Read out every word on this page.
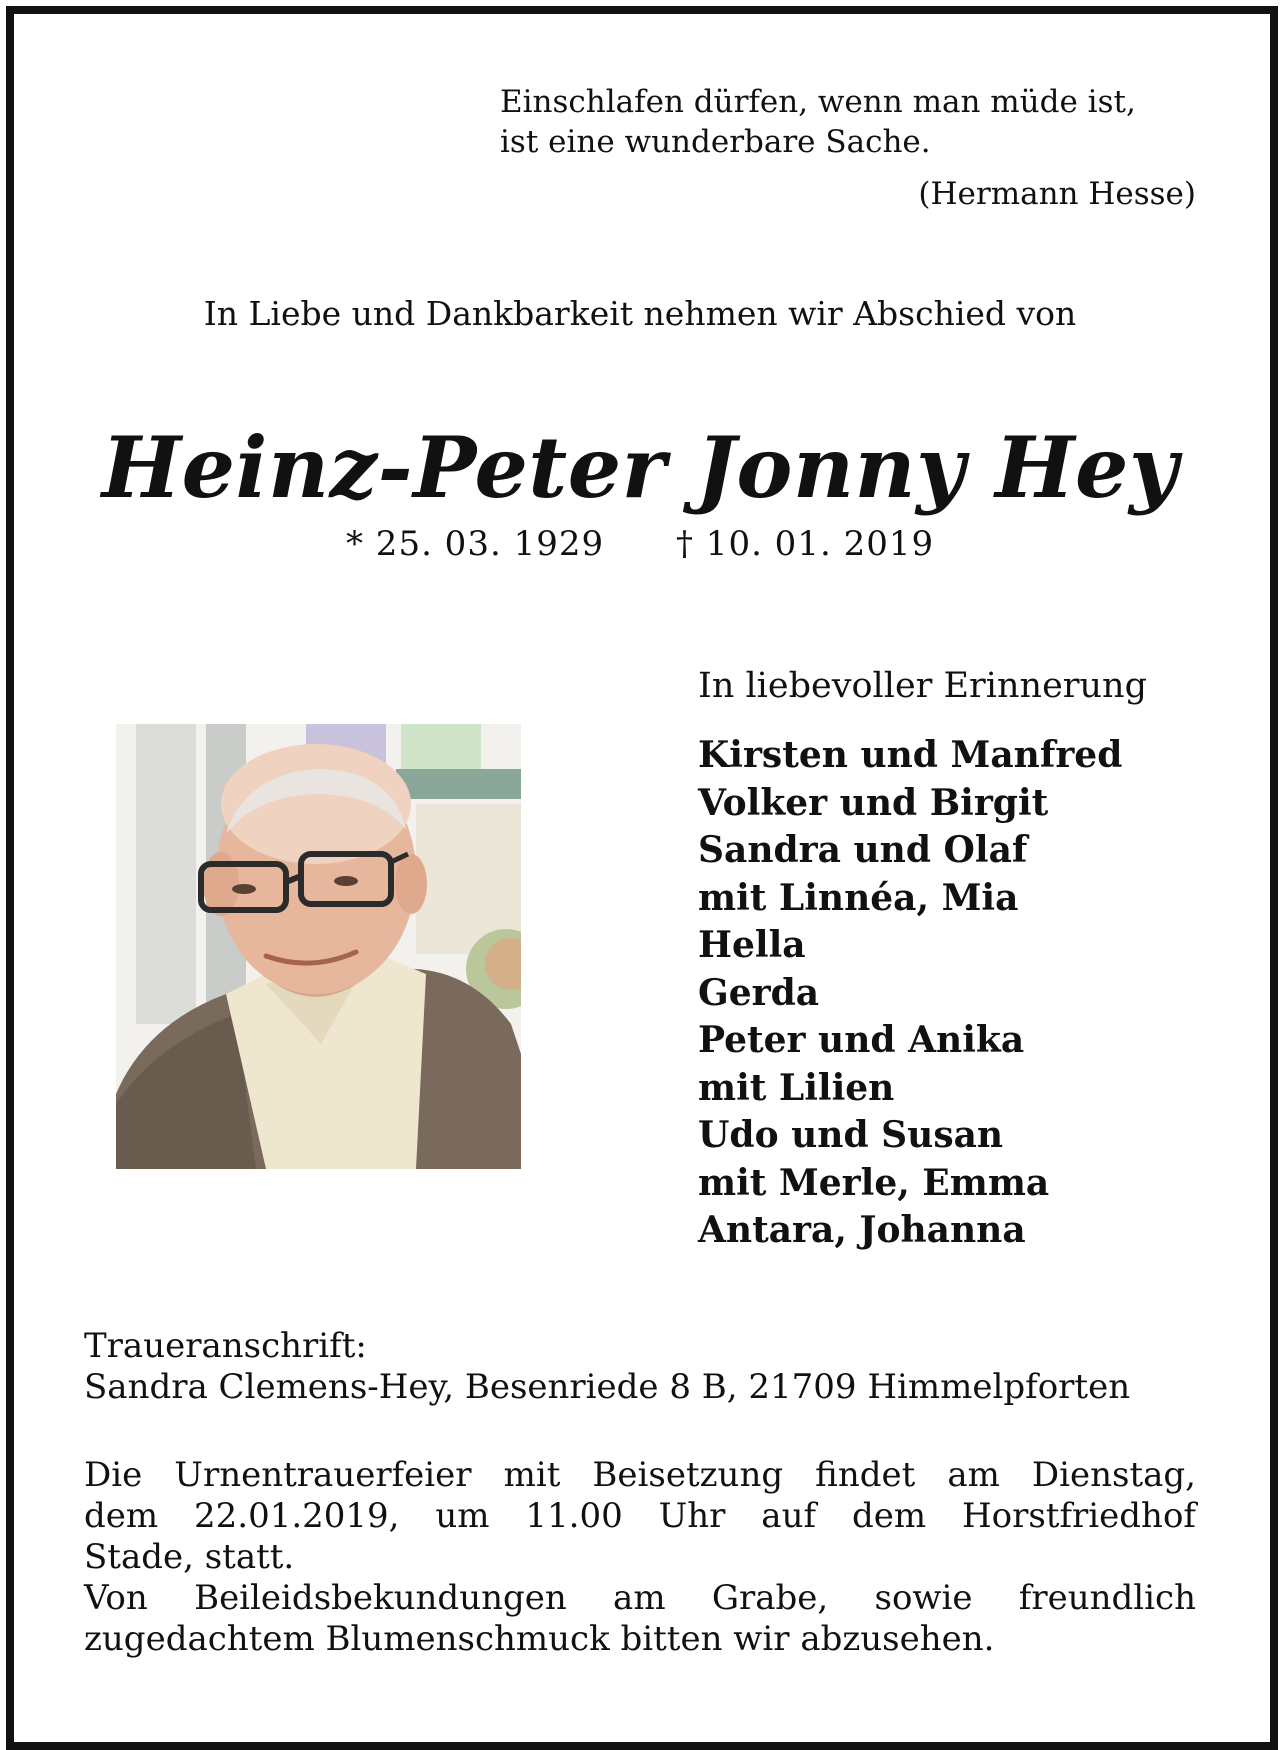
Einschlafen dürfen, wenn man müde ist,
ist eine wunderbare Sache.
(Hermann Hesse)
In Liebe und Dankbarkeit nehmen wir Abschied von
Heinz-Peter Jonny Hey
* 25. 03. 1929 † 10. 01. 2019
In liebevoller Erinnerung
Kirsten und Manfred
Volker und Birgit
Sandra und Olaf
mit Linnéa, Mia
Hella
Gerda
Peter und Anika
mit Lilien
Udo und Susan
mit Merle, Emma
Antara, Johanna
Traueranschrift:
Sandra Clemens-Hey, Besenriede 8 B, 21709 Himmelpforten
Die Urnentrauerfeier mit Beisetzung findet am Dienstag,
dem 22.01.2019, um 11.00 Uhr auf dem Horstfriedhof
Stade, statt.
Von Beileidsbekundungen am Grabe, sowie freundlich
zugedachtem Blumenschmuck bitten wir abzusehen.
